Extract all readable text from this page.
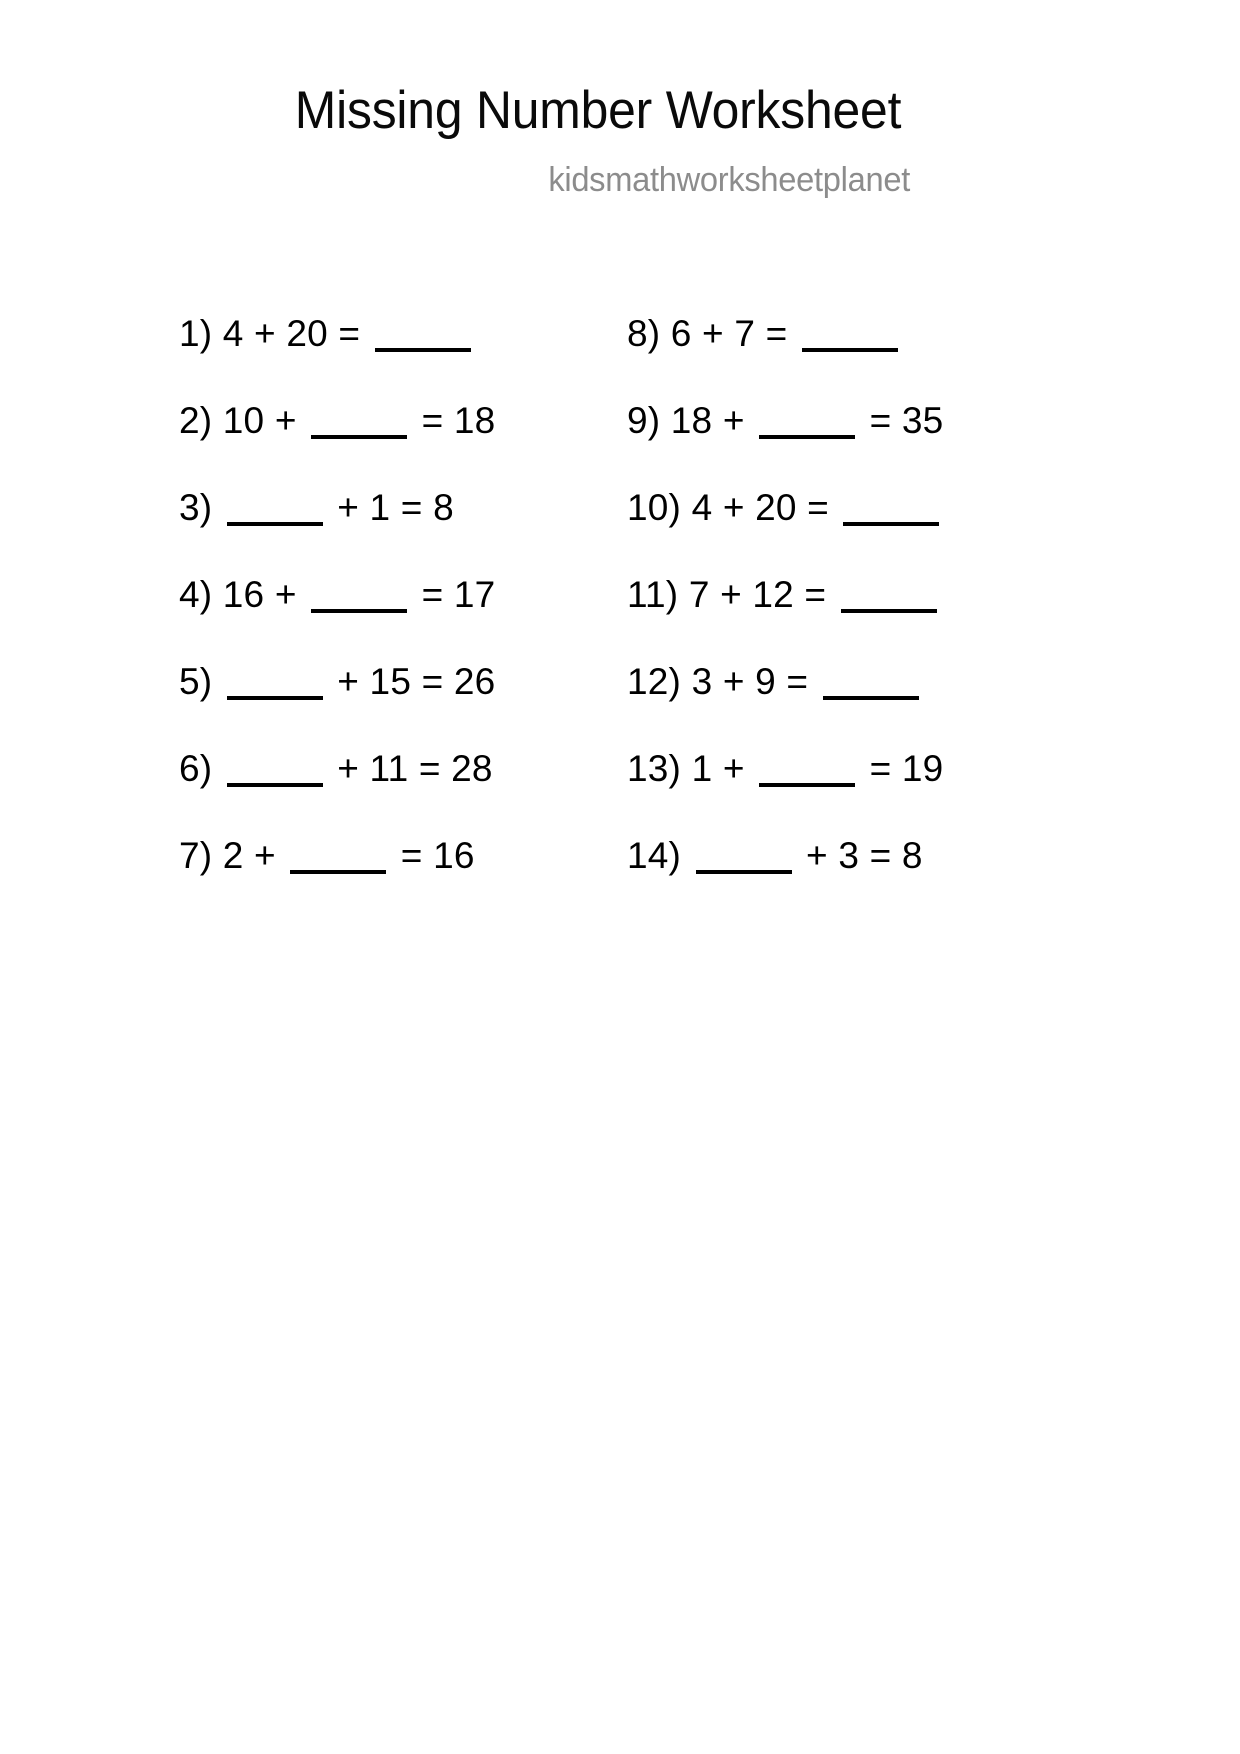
Missing Number Worksheet
kidsmathworksheetplanet
1) 4 + 20 =
2) 10 +	= 18
3)	+ 1 = 8
4) 16 +	= 17
5)	+ 15 = 26
6)	+ 11 = 28
7) 2 +	= 16
8) 6 + 7 =
9) 18 +	= 35
10) 4 + 20 =
11) 7 + 12 =
12) 3 + 9 =
13) 1 +	= 19
14)	+ 3 = 8
